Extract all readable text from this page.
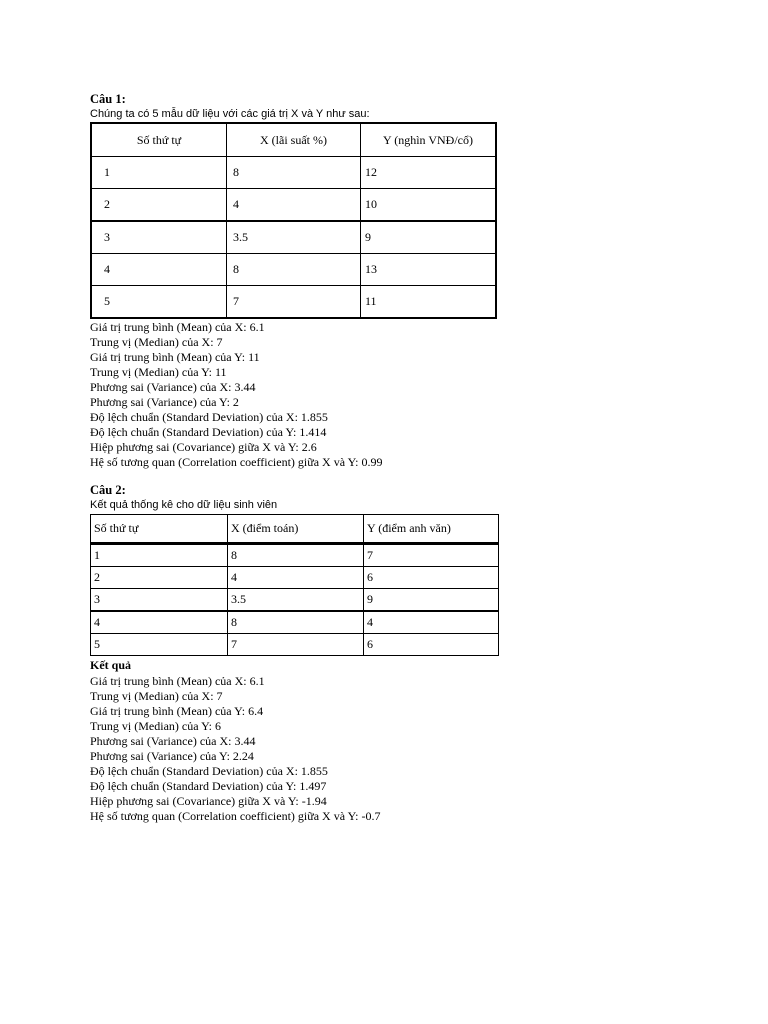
Câu 1:
Chúng ta có 5 mẫu dữ liệu với các giá trị X và Y như sau:
Số thứ tự	X (lãi suất %)	Y (nghìn VNĐ/cổ)
1	8	12
2	4	10
3	3.5	9
4	8	13
5	7	11
Giá trị trung bình (Mean) của X: 6.1
Trung vị (Median) của X: 7
Giá trị trung bình (Mean) của Y: 11
Trung vị (Median) của Y: 11
Phương sai (Variance) của X: 3.44
Phương sai (Variance) của Y: 2
Độ lệch chuẩn (Standard Deviation) của X: 1.855
Độ lệch chuẩn (Standard Deviation) của Y: 1.414
Hiệp phương sai (Covariance) giữa X và Y: 2.6
Hệ số tương quan (Correlation coefficient) giữa X và Y: 0.99
Câu 2:
Kết quả thống kê cho dữ liệu sinh viên
Số thứ tự	X (điểm toán)	Y (điểm anh văn)
1	8	7
2	4	6
3	3.5	9
4	8	4
5	7	6
Kết quả
Giá trị trung bình (Mean) của X: 6.1
Trung vị (Median) của X: 7
Giá trị trung bình (Mean) của Y: 6.4
Trung vị (Median) của Y: 6
Phương sai (Variance) của X: 3.44
Phương sai (Variance) của Y: 2.24
Độ lệch chuẩn (Standard Deviation) của X: 1.855
Độ lệch chuẩn (Standard Deviation) của Y: 1.497
Hiệp phương sai (Covariance) giữa X và Y: -1.94
Hệ số tương quan (Correlation coefficient) giữa X và Y: -0.7
